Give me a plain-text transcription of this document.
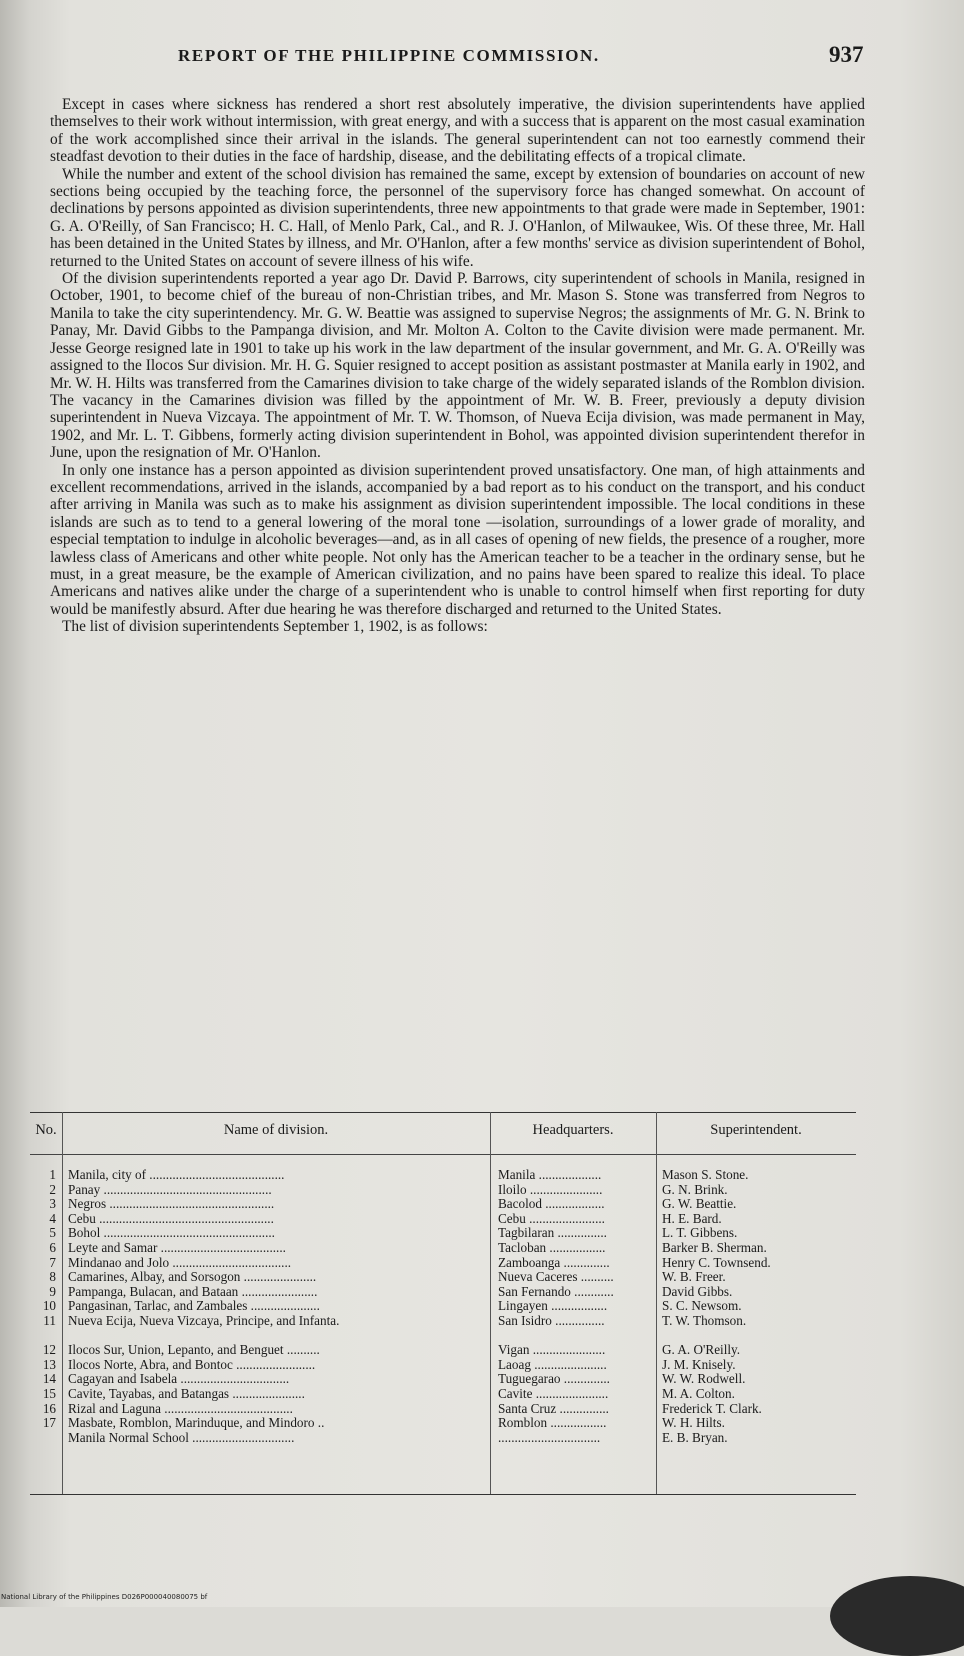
REPORT OF THE PHILIPPINE COMMISSION.	937

Except in cases where sickness has rendered a short rest absolutely imperative, the division superintendents have applied themselves to their work without intermission, with great energy, and with a success that is apparent on the most casual examination of the work accomplished since their arrival in the islands. The general superintendent can not too earnestly commend their steadfast devotion to their duties in the face of hardship, disease, and the debilitating effects of a tropical climate.

While the number and extent of the school division has remained the same, except by extension of boundaries on account of new sections being occupied by the teaching force, the personnel of the supervisory force has changed somewhat. On account of declinations by persons appointed as division superintendents, three new appointments to that grade were made in September, 1901: G. A. O'Reilly, of San Francisco; H. C. Hall, of Menlo Park, Cal., and R. J. O'Hanlon, of Milwaukee, Wis. Of these three, Mr. Hall has been detained in the United States by illness, and Mr. O'Hanlon, after a few months' service as division superintendent of Bohol, returned to the United States on account of severe illness of his wife.

Of the division superintendents reported a year ago Dr. David P. Barrows, city superintendent of schools in Manila, resigned in October, 1901, to become chief of the bureau of non-Christian tribes, and Mr. Mason S. Stone was transferred from Negros to Manila to take the city superintendency. Mr. G. W. Beattie was assigned to supervise Negros; the assignments of Mr. G. N. Brink to Panay, Mr. David Gibbs to the Pampanga division, and Mr. Molton A. Colton to the Cavite division were made permanent. Mr. Jesse George resigned late in 1901 to take up his work in the law department of the insular government, and Mr. G. A. O'Reilly was assigned to the Ilocos Sur division. Mr. H. G. Squier resigned to accept position as assistant postmaster at Manila early in 1902, and Mr. W. H. Hilts was transferred from the Camarines division to take charge of the widely separated islands of the Romblon division. The vacancy in the Camarines division was filled by the appointment of Mr. W. B. Freer, previously a deputy division superintendent in Nueva Vizcaya. The appointment of Mr. T. W. Thomson, of Nueva Ecija division, was made permanent in May, 1902, and Mr. L. T. Gibbens, formerly acting division superintendent in Bohol, was appointed division superintendent therefor in June, upon the resignation of Mr. O'Hanlon.

In only one instance has a person appointed as division superintendent proved unsatisfactory. One man, of high attainments and excellent recommendations, arrived in the islands, accompanied by a bad report as to his conduct on the transport, and his conduct after arriving in Manila was such as to make his assignment as division superintendent impossible. The local conditions in these islands are such as to tend to a general lowering of the moral tone —isolation, surroundings of a lower grade of morality, and especial temptation to indulge in alcoholic beverages—and, as in all cases of opening of new fields, the presence of a rougher, more lawless class of Americans and other white people. Not only has the American teacher to be a teacher in the ordinary sense, but he must, in a great measure, be the example of American civilization, and no pains have been spared to realize this ideal. To place Americans and natives alike under the charge of a superintendent who is unable to control himself when first reporting for duty would be manifestly absurd. After due hearing he was therefore discharged and returned to the United States.

The list of division superintendents September 1, 1902, is as follows:

No.	Name of division.	Headquarters.	Superintendent.
1 Manila, city of .........................................	Manila ...................	Mason S. Stone.
2 Panay ...................................................	Iloilo ......................	G. N. Brink.
3 Negros ..................................................	Bacolod ..................	G. W. Beattie.
4 Cebu .....................................................	Cebu .......................	H. E. Bard.
5 Bohol ....................................................	Tagbilaran ...............	L. T. Gibbens.
6 Leyte and Samar ......................................	Tacloban .................	Barker B. Sherman.
7 Mindanao and Jolo ....................................	Zamboanga ..............	Henry C. Townsend.
8 Camarines, Albay, and Sorsogon ......................	Nueva Caceres ..........	W. B. Freer.
9 Pampanga, Bulacan, and Bataan .......................	San Fernando ............	David Gibbs.
10 Pangasinan, Tarlac, and Zambales .....................	Lingayen .................	S. C. Newsom.
11 Nueva Ecija, Nueva Vizcaya, Principe, and Infanta.	San Isidro ...............	T. W. Thomson.
12 Ilocos Sur, Union, Lepanto, and Benguet ..........	Vigan ......................	G. A. O'Reilly.
13 Ilocos Norte, Abra, and Bontoc ........................	Laoag ......................	J. M. Knisely.
14 Cagayan and Isabela .................................	Tuguegarao ..............	W. W. Rodwell.
15 Cavite, Tayabas, and Batangas ......................	Cavite ......................	M. A. Colton.
16 Rizal and Laguna .......................................	Santa Cruz ...............	Frederick T. Clark.
17 Masbate, Romblon, Marinduque, and Mindoro ..	Romblon .................	W. H. Hilts.
Manila Normal School ...............................	...............................	E. B. Bryan.
National Library of the Philippines D026P000040080075 bf
